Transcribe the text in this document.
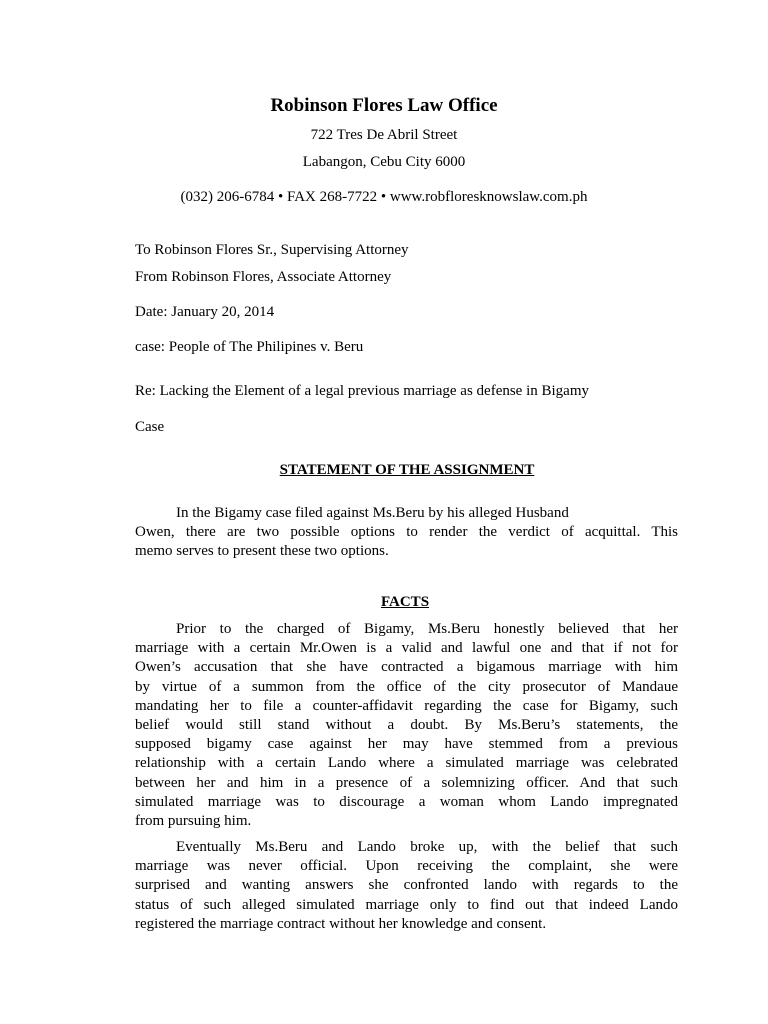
Robinson Flores Law Office
722 Tres De Abril Street
Labangon, Cebu City 6000
(032) 206-6784 • FAX 268-7722 • www.robfloresknowslaw.com.ph
To Robinson Flores Sr., Supervising Attorney
From Robinson Flores, Associate Attorney
Date: January 20, 2014
case: People of The Philipines v. Beru
Re: Lacking the Element of a legal previous marriage as defense in Bigamy
Case
STATEMENT OF THE ASSIGNMENT
In the Bigamy case filed against Ms.Beru by his alleged Husband
Owen, there are two possible options to render the verdict of acquittal. This
memo serves to present these two options.
FACTS
Prior to the charged of Bigamy, Ms.Beru honestly believed that her
marriage with a certain Mr.Owen is a valid and lawful one and that if not for
Owen’s accusation that she have contracted a bigamous marriage with him
by virtue of a summon from the office of the city prosecutor of Mandaue
mandating her to file a counter-affidavit regarding the case for Bigamy, such
belief would still stand without a doubt. By Ms.Beru’s statements, the
supposed bigamy case against her may have stemmed from a previous
relationship with a certain Lando where a simulated marriage was celebrated
between her and him in a presence of a solemnizing officer. And that such
simulated marriage was to discourage a woman whom Lando impregnated
from pursuing him.
Eventually Ms.Beru and Lando broke up, with the belief that such
marriage was never official. Upon receiving the complaint, she were
surprised and wanting answers she confronted lando with regards to the
status of such alleged simulated marriage only to find out that indeed Lando
registered the marriage contract without her knowledge and consent.
